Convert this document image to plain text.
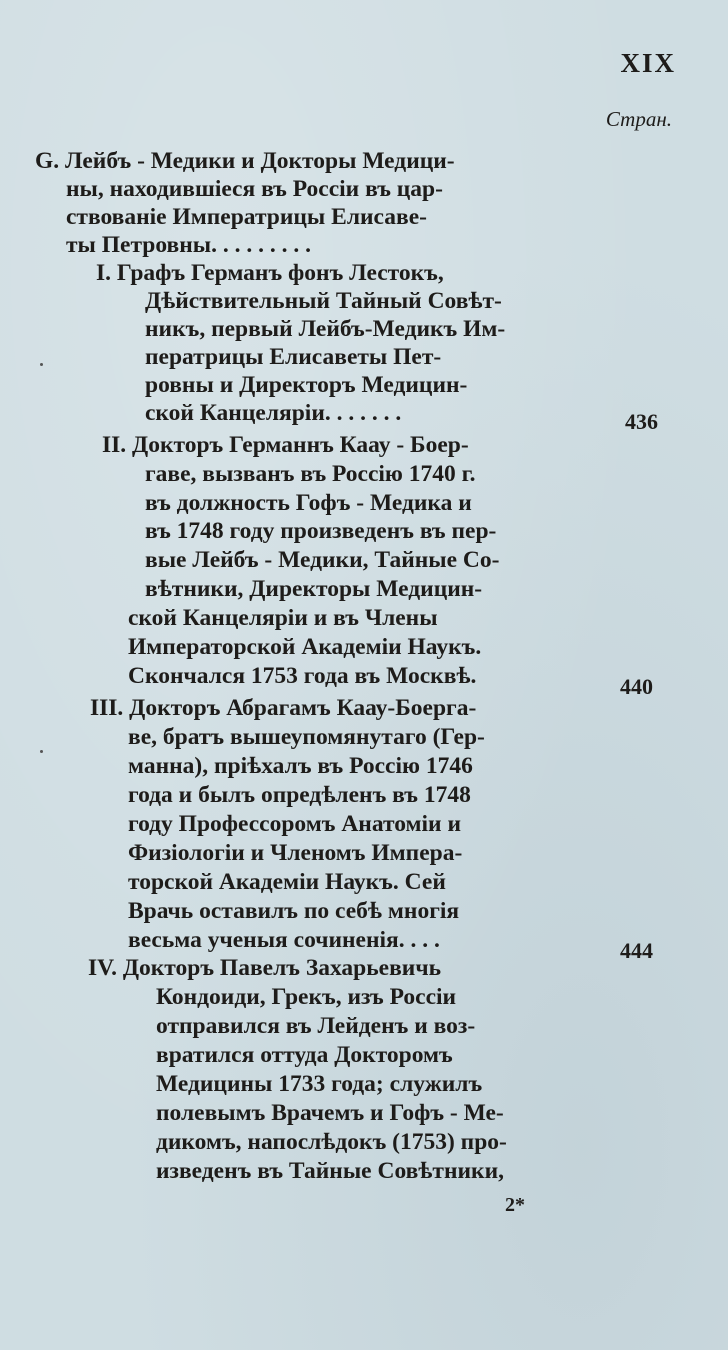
XIX
Стран.
G. Лейбъ - Медики и Докторы Медици-
ны, находившіеся въ Россіи въ цар-
ствованіе Императрицы Елисаве-
ты Петровны. . . . . . . . .
I. Графъ Германъ фонъ Лестокъ,
Дѣйствительный Тайный Совѣт-
никъ, первый Лейбъ-Медикъ Им-
ператрицы Елисаветы Пет-
ровны и Директоръ Медицин-
ской Канцеляріи. . . . . . .	436
II. Докторъ Германнъ Каау - Боер-
гаве, вызванъ въ Россію 1740 г.
въ должность Гофъ - Медика и
въ 1748 году произведенъ въ пер-
вые Лейбъ - Медики, Тайные Со-
вѣтники, Директоры Медицин-
ской Канцеляріи и въ Члены
Императорской Академіи Наукъ.
Скончался 1753 года въ Москвѣ.	440
III. Докторъ Абрагамъ Каау-Боерга-
ве, братъ вышеупомянутаго (Гер-
манна), пріѣхалъ въ Россію 1746
года и былъ опредѣленъ въ 1748
году Профессоромъ Анатоміи и
Физіологіи и Членомъ Импера-
торской Академіи Наукъ. Сей
Врачь оставилъ по себѣ многія
весьма ученыя сочиненія. . . .	444
IV. Докторъ Павелъ Захарьевичь
Кондоиди, Грекъ, изъ Россіи
отправился въ Лейденъ и воз-
вратился оттуда Докторомъ
Медицины 1733 года; служилъ
полевымъ Врачемъ и Гофъ - Ме-
дикомъ, напослѣдокъ (1753) про-
изведенъ въ Тайные Совѣтники,
2*
